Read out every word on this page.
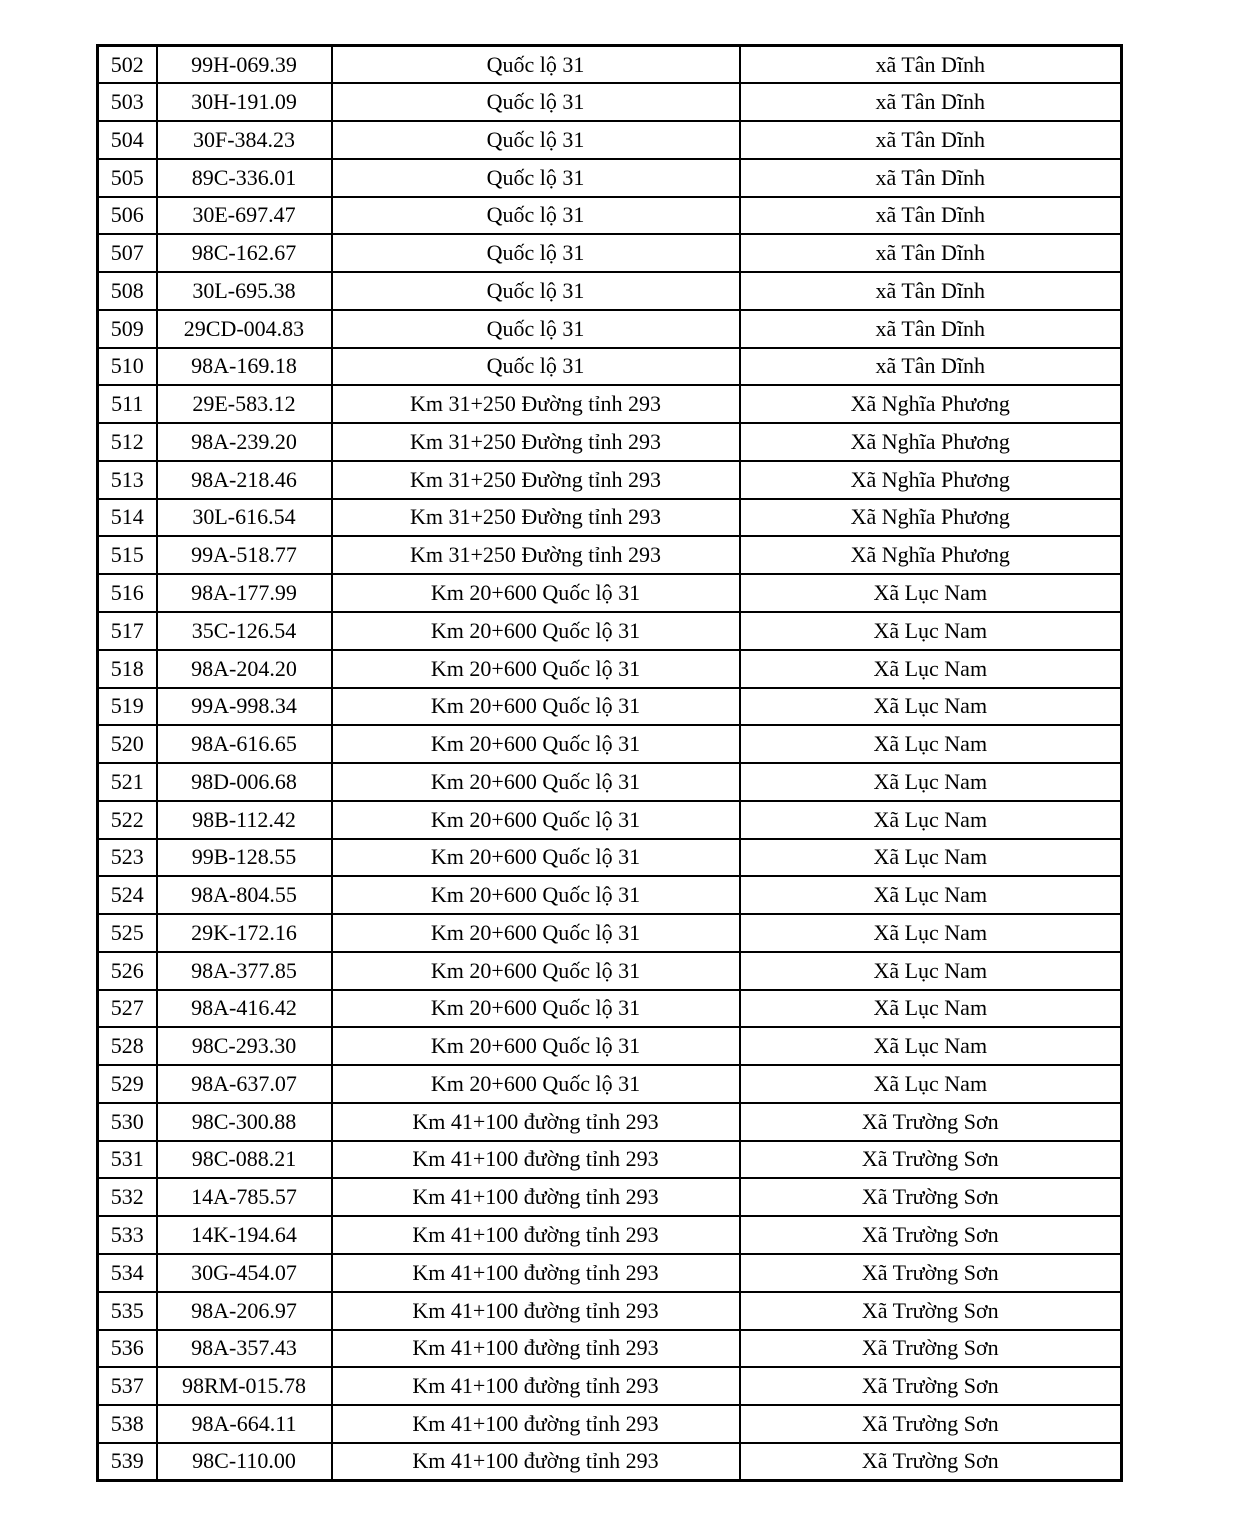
502	99H-069.39	Quốc lộ 31	xã Tân Dĩnh
503	30H-191.09	Quốc lộ 31	xã Tân Dĩnh
504	30F-384.23	Quốc lộ 31	xã Tân Dĩnh
505	89C-336.01	Quốc lộ 31	xã Tân Dĩnh
506	30E-697.47	Quốc lộ 31	xã Tân Dĩnh
507	98C-162.67	Quốc lộ 31	xã Tân Dĩnh
508	30L-695.38	Quốc lộ 31	xã Tân Dĩnh
509	29CD-004.83	Quốc lộ 31	xã Tân Dĩnh
510	98A-169.18	Quốc lộ 31	xã Tân Dĩnh
511	29E-583.12	Km 31+250 Đường tỉnh 293	Xã Nghĩa Phương
512	98A-239.20	Km 31+250 Đường tỉnh 293	Xã Nghĩa Phương
513	98A-218.46	Km 31+250 Đường tỉnh 293	Xã Nghĩa Phương
514	30L-616.54	Km 31+250 Đường tỉnh 293	Xã Nghĩa Phương
515	99A-518.77	Km 31+250 Đường tỉnh 293	Xã Nghĩa Phương
516	98A-177.99	Km 20+600 Quốc lộ 31	Xã Lục Nam
517	35C-126.54	Km 20+600 Quốc lộ 31	Xã Lục Nam
518	98A-204.20	Km 20+600 Quốc lộ 31	Xã Lục Nam
519	99A-998.34	Km 20+600 Quốc lộ 31	Xã Lục Nam
520	98A-616.65	Km 20+600 Quốc lộ 31	Xã Lục Nam
521	98D-006.68	Km 20+600 Quốc lộ 31	Xã Lục Nam
522	98B-112.42	Km 20+600 Quốc lộ 31	Xã Lục Nam
523	99B-128.55	Km 20+600 Quốc lộ 31	Xã Lục Nam
524	98A-804.55	Km 20+600 Quốc lộ 31	Xã Lục Nam
525	29K-172.16	Km 20+600 Quốc lộ 31	Xã Lục Nam
526	98A-377.85	Km 20+600 Quốc lộ 31	Xã Lục Nam
527	98A-416.42	Km 20+600 Quốc lộ 31	Xã Lục Nam
528	98C-293.30	Km 20+600 Quốc lộ 31	Xã Lục Nam
529	98A-637.07	Km 20+600 Quốc lộ 31	Xã Lục Nam
530	98C-300.88	Km 41+100 đường tỉnh 293	Xã Trường Sơn
531	98C-088.21	Km 41+100 đường tỉnh 293	Xã Trường Sơn
532	14A-785.57	Km 41+100 đường tỉnh 293	Xã Trường Sơn
533	14K-194.64	Km 41+100 đường tỉnh 293	Xã Trường Sơn
534	30G-454.07	Km 41+100 đường tỉnh 293	Xã Trường Sơn
535	98A-206.97	Km 41+100 đường tỉnh 293	Xã Trường Sơn
536	98A-357.43	Km 41+100 đường tỉnh 293	Xã Trường Sơn
537	98RM-015.78	Km 41+100 đường tỉnh 293	Xã Trường Sơn
538	98A-664.11	Km 41+100 đường tỉnh 293	Xã Trường Sơn
539	98C-110.00	Km 41+100 đường tỉnh 293	Xã Trường Sơn
